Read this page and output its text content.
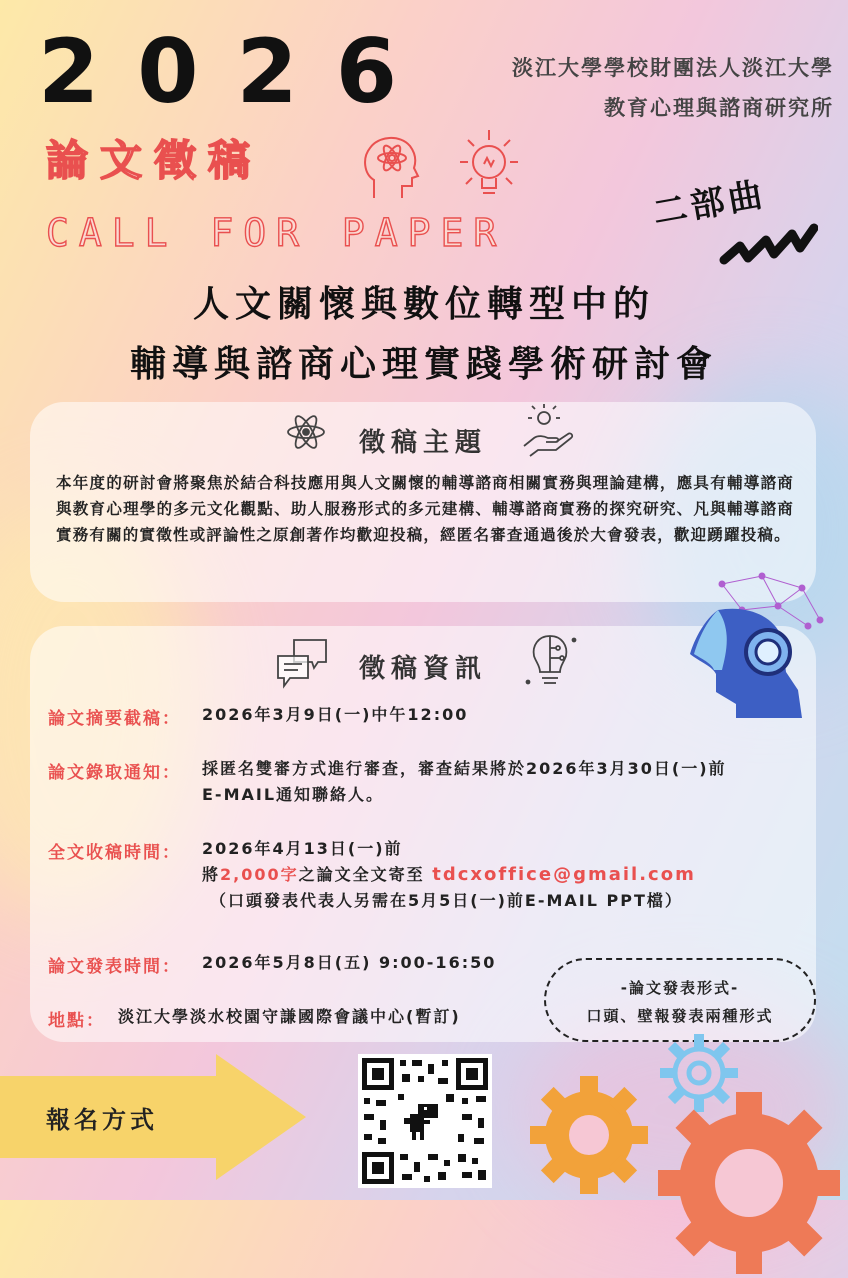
2026	淡江大學學校財團法人淡江大學
教育心理與諮商研究所
論文徵稿
CALL FOR PAPER	二部曲
人文關懷與數位轉型中的
輔導與諮商心理實踐學術研討會
徵稿主題
本年度的研討會將聚焦於結合科技應用與人文關懷的輔導諮商相關實務與理論建構，應具有輔導諮商與教育心理學的多元文化觀點、助人服務形式的多元建構、輔導諮商實務的探究研究、凡與輔導諮商實務有關的實徵性或評論性之原創著作均歡迎投稿，經匿名審查通過後於大會發表，歡迎踴躍投稿。
徵稿資訊
論文摘要截稿： 2026年3月9日(一)中午12:00
論文錄取通知： 採匿名雙審方式進行審查，審查結果將於2026年3月30日(一)前
E-MAIL通知聯絡人。
全文收稿時間： 2026年4月13日(一)前
將2,000字之論文全文寄至 tdcxoffice@gmail.com
（口頭發表代表人另需在5月5日(一)前E-MAIL PPT檔）
論文發表時間： 2026年5月8日(五) 9:00-16:50
地點： 淡江大學淡水校園守謙國際會議中心(暫訂)
-論文發表形式-
口頭、壁報發表兩種形式
報名方式
